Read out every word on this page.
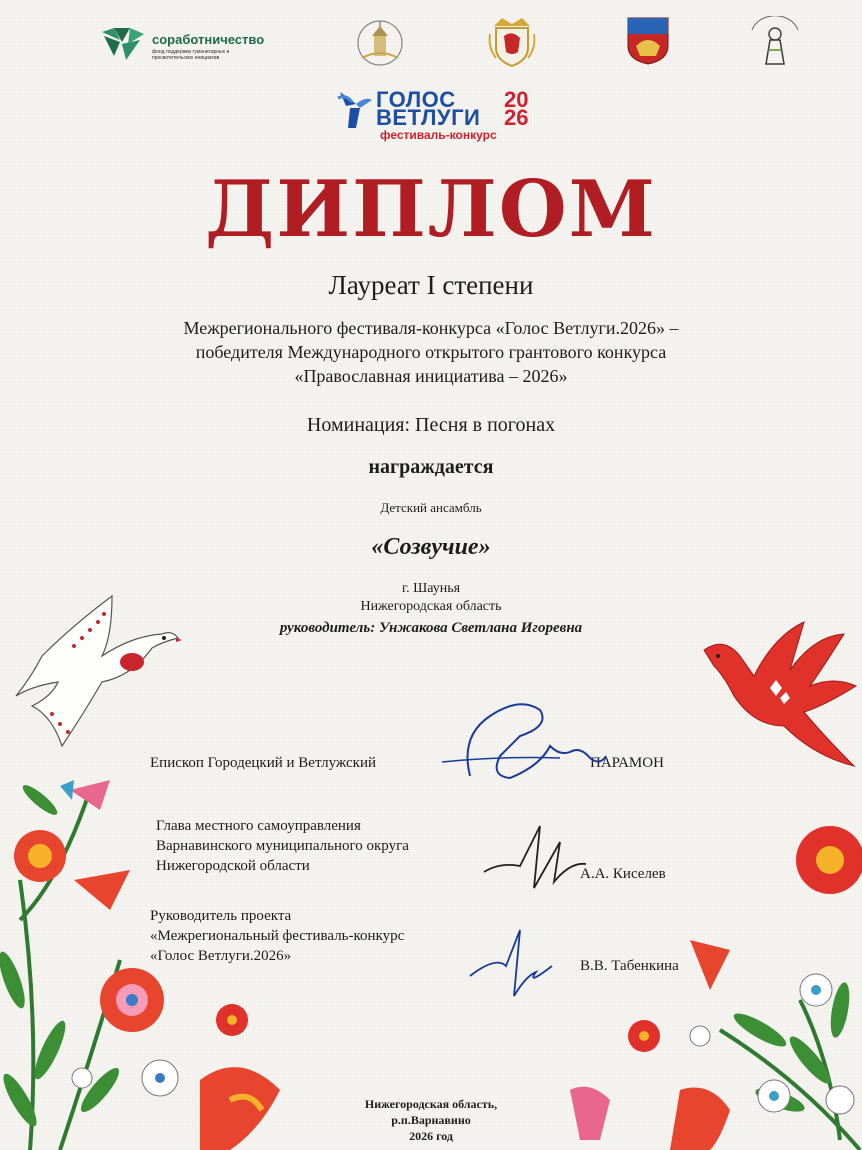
соработничество
фонд поддержки гуманитарных и просветительских инициатив
ГОЛОС 20
ВЕТЛУГИ 26
фестиваль-конкурс
ДИПЛОМ
Лауреат I степени
Межрегионального фестиваля-конкурса «Голос Ветлуги.2026» –
победителя Международного открытого грантового конкурса
«Православная инициатива – 2026»
Номинация: Песня в погонах
награждается
Детский ансамбль
«Созвучие»
г. Шаунья
Нижегородская область
руководитель: Унжакова Светлана Игоревна
Епископ Городецкий и Ветлужский	ПАРАМОН
Глава местного самоуправления
Варнавинского муниципального округа
Нижегородской области	А.А. Киселев
Руководитель проекта
«Межрегиональный фестиваль-конкурс
«Голос Ветлуги.2026»
В.В. Табенкина
Нижегородская область,
р.п.Варнавино
2026 год
